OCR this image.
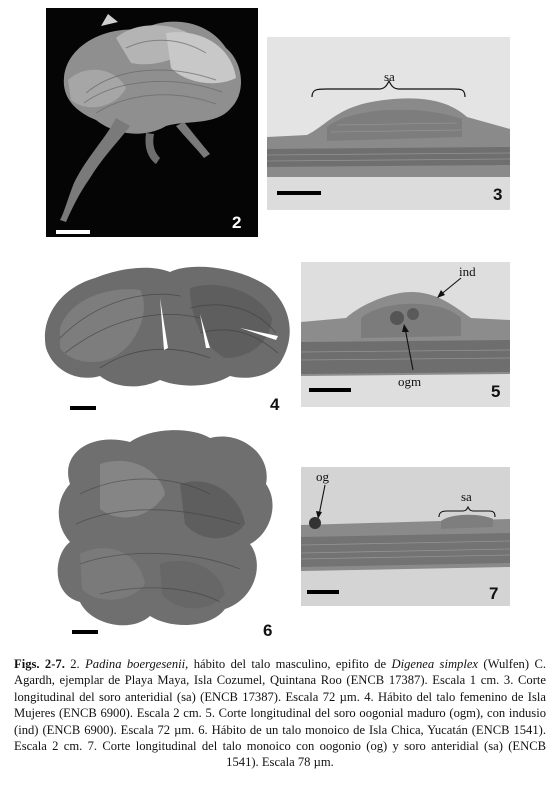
2
sa
3
4
ind
ogm
5
6
og
sa
7
Figs. 2-7. 2. Padina boergesenii, hábito del talo masculino, epifito de Digenea simplex (Wulfen) C. Agardh, ejemplar de Playa Maya, Isla Cozumel, Quintana Roo (ENCB 17387). Escala 1 cm. 3. Corte longitudinal del soro anteridial (sa) (ENCB 17387). Escala 72 µm. 4. Hábito del talo femenino de Isla Mujeres (ENCB 6900). Escala 2 cm. 5. Corte longitudinal del soro oogonial maduro (ogm), con indusio (ind) (ENCB 6900). Escala 72 µm. 6. Hábito de un talo monoico de Isla Chica, Yucatán (ENCB 1541). Escala 2 cm. 7. Corte longitudinal del talo monoico con oogonio (og) y soro anteridial (sa) (ENCB 1541). Escala 78 µm.
